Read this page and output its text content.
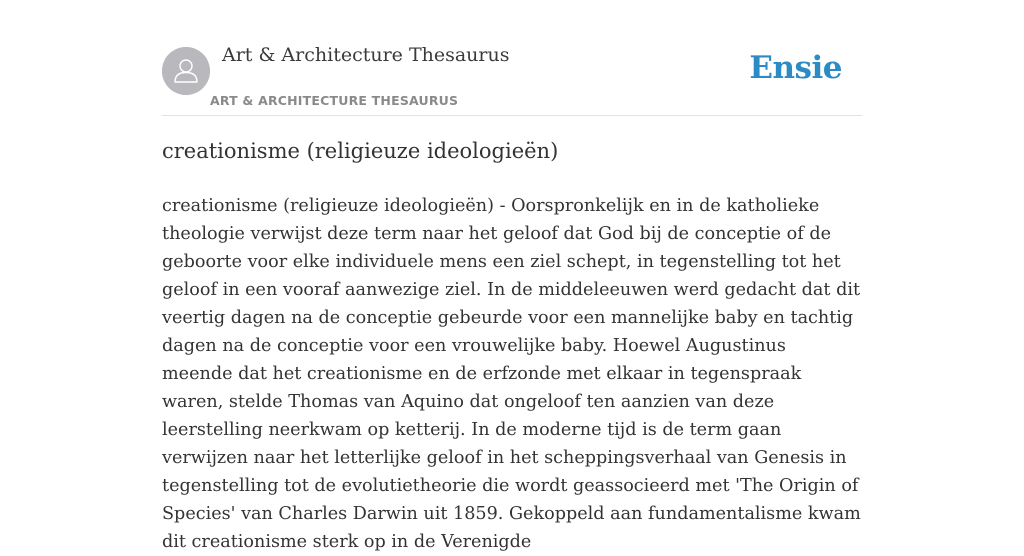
Art & Architecture Thesaurus
ART & ARCHITECTURE THESAURUS
Ensie
creationisme (religieuze ideologieën)

creationisme (religieuze ideologieën) - Oorspronkelijk en in de katholieke theologie verwijst deze term naar het geloof dat God bij de conceptie of de geboorte voor elke individuele mens een ziel schept, in tegenstelling tot het geloof in een vooraf aanwezige ziel. In de middeleeuwen werd gedacht dat dit veertig dagen na de conceptie gebeurde voor een mannelijke baby en tachtig dagen na de conceptie voor een vrouwelijke baby. Hoewel Augustinus meende dat het creationisme en de erfzonde met elkaar in tegenspraak waren, stelde Thomas van Aquino dat ongeloof ten aanzien van deze leerstelling neerkwam op ketterij. In de moderne tijd is de term gaan verwijzen naar het letterlijke geloof in het scheppingsverhaal van Genesis in tegenstelling tot de evolutietheorie die wordt geassocieerd met 'The Origin of Species' van Charles Darwin uit 1859. Gekoppeld aan fundamentalisme kwam dit creationisme sterk op in de Verenigde
